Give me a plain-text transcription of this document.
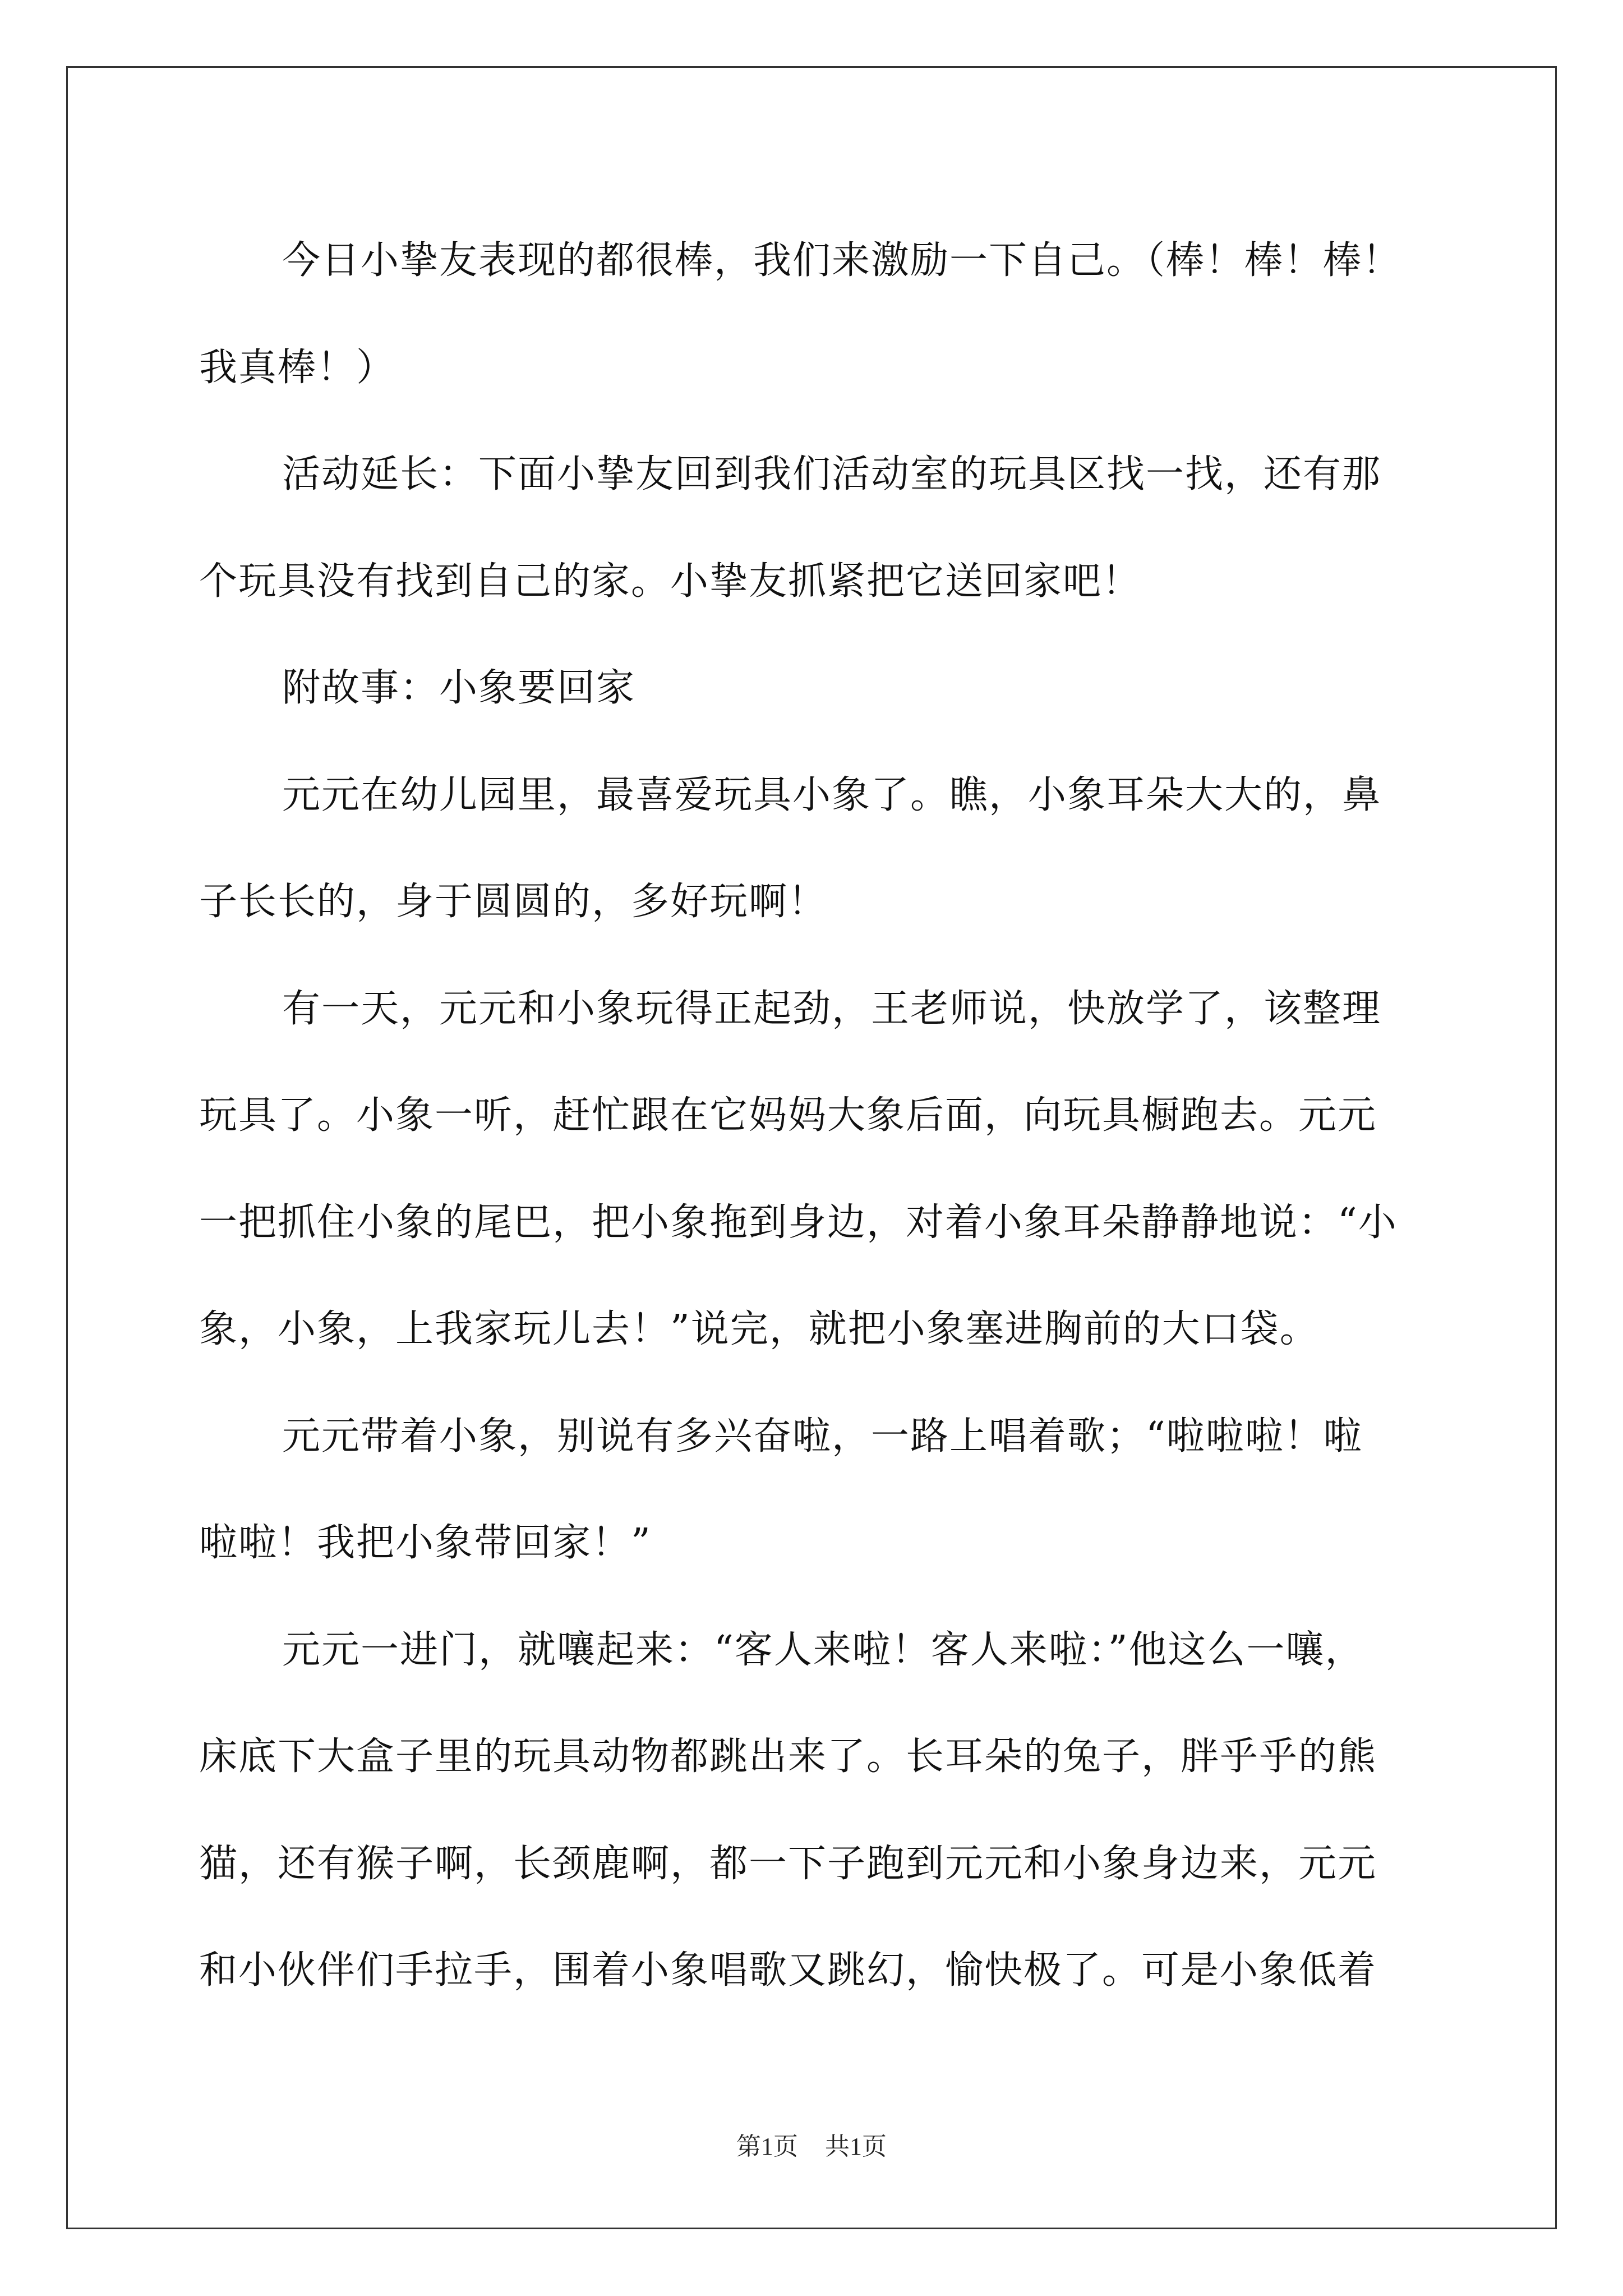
今日小挚友表现的都很棒，我们来激励一下自己。（棒！棒！棒！
我真棒！）
活动延长：下面小挚友回到我们活动室的玩具区找一找，还有那
个玩具没有找到自己的家。小挚友抓紧把它送回家吧！
附故事：小象要回家
元元在幼儿园里，最喜爱玩具小象了。瞧，小象耳朵大大的，鼻
子长长的，身于圆圆的，多好玩啊！
有一天，元元和小象玩得正起劲，王老师说，快放学了，该整理
玩具了。小象一听，赶忙跟在它妈妈大象后面，向玩具橱跑去。元元
一把抓住小象的尾巴，把小象拖到身边，对着小象耳朵静静地说：“小
象，小象，上我家玩儿去！”说完，就把小象塞进胸前的大口袋。
元元带着小象，别说有多兴奋啦，一路上唱着歌；“啦啦啦！啦
啦啦！我把小象带回家！”
元元一进门，就嚷起来：“客人来啦！客人来啦：”他这么一嚷，
床底下大盒子里的玩具动物都跳出来了。长耳朵的兔子，胖乎乎的熊
猫，还有猴子啊，长颈鹿啊，都一下子跑到元元和小象身边来，元元
和小伙伴们手拉手，围着小象唱歌又跳幻，愉快极了。可是小象低着
第1页 共1页
